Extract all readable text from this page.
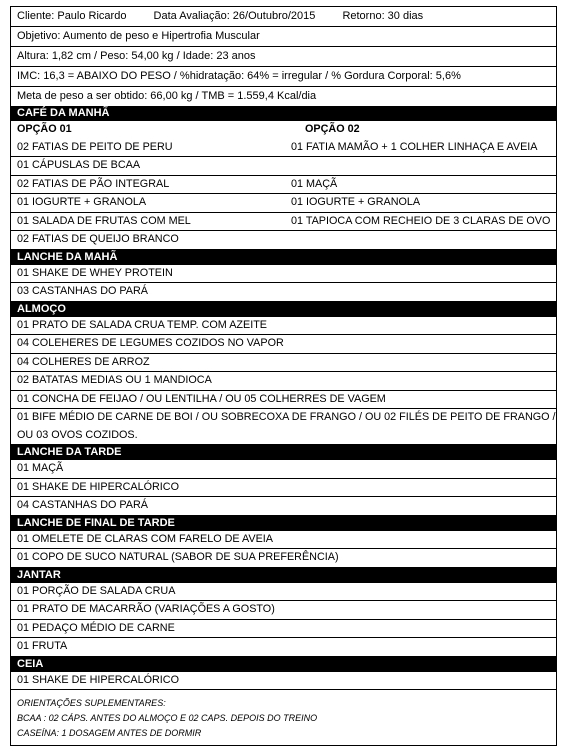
Cliente: Paulo Ricardo Data Avaliação: 26/Outubro/2015 Retorno: 30 dias
Objetivo: Aumento de peso e Hipertrofia Muscular
Altura: 1,82 cm / Peso: 54,00 kg / Idade: 23 anos
IMC: 16,3 = ABAIXO DO PESO / %hidratação: 64% = irregular / % Gordura Corporal: 5,6%
Meta de peso a ser obtido: 66,00 kg / TMB = 1.559,4 Kcal/dia
CAFÉ DA MANHÃ
OPÇÃO 01	OPÇÃO 02
02 FATIAS DE PEITO DE PERU	01 FATIA MAMÃO + 1 COLHER LINHAÇA E AVEIA
01 CÁPUSLAS DE BCAA
02 FATIAS DE PÃO INTEGRAL	01 MAÇÃ
01 IOGURTE + GRANOLA	01 IOGURTE + GRANOLA
01 SALADA DE FRUTAS COM MEL	01 TAPIOCA COM RECHEIO DE 3 CLARAS DE OVO
02 FATIAS DE QUEIJO BRANCO
LANCHE DA MAHÃ
01 SHAKE DE WHEY PROTEIN
03 CASTANHAS DO PARÁ
ALMOÇO
01 PRATO DE SALADA CRUA TEMP. COM AZEITE
04 COLEHERES DE LEGUMES COZIDOS NO VAPOR
04 COLHERES DE ARROZ
02 BATATAS MEDIAS OU 1 MANDIOCA
01 CONCHA DE FEIJAO / OU LENTILHA / OU 05 COLHERRES DE VAGEM
01 BIFE MÉDIO DE CARNE DE BOI / OU SOBRECOXA DE FRANGO / OU 02 FILÉS DE PEITO DE FRANGO /
OU 03 OVOS COZIDOS.
LANCHE DA TARDE
01 MAÇÃ
01 SHAKE DE HIPERCALÓRICO
04 CASTANHAS DO PARÁ
LANCHE DE FINAL DE TARDE
01 OMELETE DE CLARAS COM FARELO DE AVEIA
01 COPO DE SUCO NATURAL (SABOR DE SUA PREFERÊNCIA)
JANTAR
01 PORÇÃO DE SALADA CRUA
01 PRATO DE MACARRÃO (VARIAÇÕES A GOSTO)
01 PEDAÇO MÉDIO DE CARNE
01 FRUTA
CEIA
01 SHAKE DE HIPERCALÓRICO
ORIENTAÇÕES SUPLEMENTARES:
BCAA : 02 CÁPS. ANTES DO ALMOÇO E 02 CAPS. DEPOIS DO TREINO
CASEÍNA: 1 DOSAGEM ANTES DE DORMIR
